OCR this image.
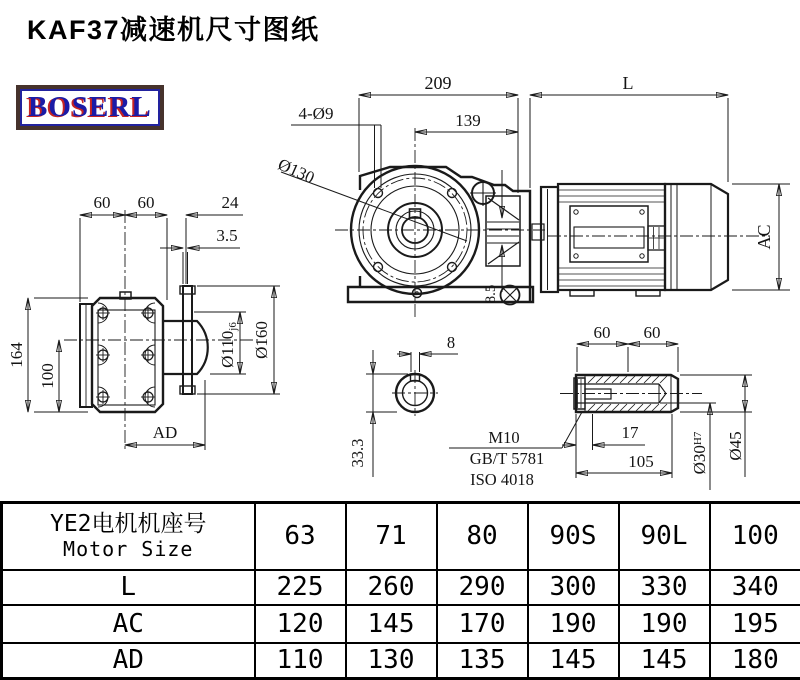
KAF37减速机尺寸图纸
BOSERL
209	L
139
4-Ø9
Ø130
8.5
AC
60 60	24
3.5
164
100
AD
Ø110j6 Ø160	8
33.3
M10
GB/T 5781
ISO 4018
60 60
17
105 $Ø30^{H7}$ Ø45
YE2电机机座号
Motor Size	63	71	80	90S	90L	100
L	225	260	290	300	330	340
AC	120	145	170	190	190	195
AD	110	130	135	145	145	180
